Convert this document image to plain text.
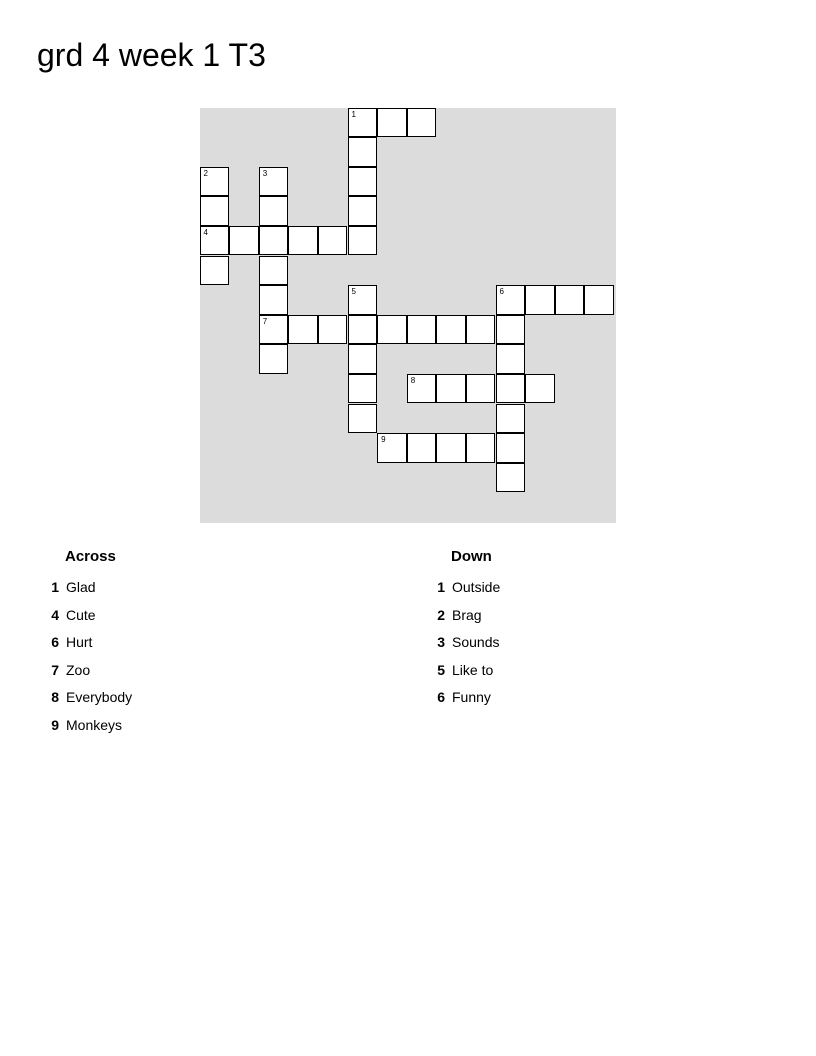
grd 4 week 1 T3
1
2	3
4
5	6
7
8
9
Across
1 Glad
4 Cute
6 Hurt
7 Zoo
8 Everybody
9 Monkeys
Down
1 Outside
2 Brag
3 Sounds
5 Like to
6 Funny
